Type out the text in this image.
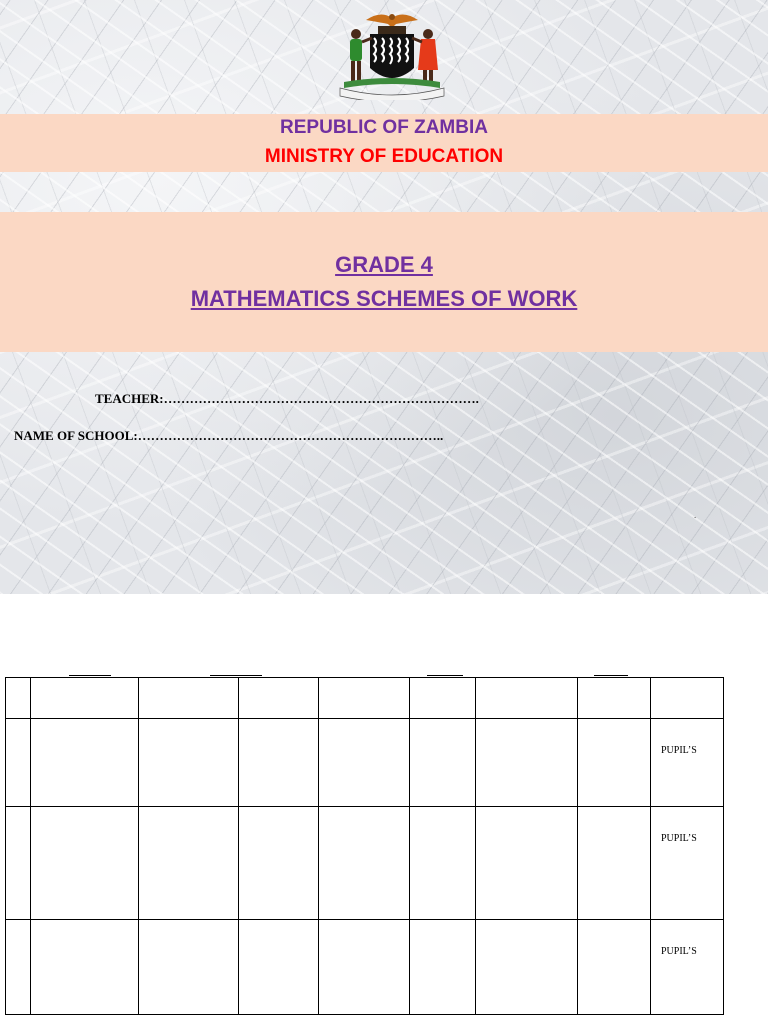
REPUBLIC OF ZAMBIA
MINISTRY OF EDUCATION
GRADE 4
MATHEMATICS SCHEMES OF WORK
TEACHER:……………………………………………………………….
NAME OF SCHOOL:……………………………………………………………..
.

								PUPIL’S
								PUPIL’S
								PUPIL’S
